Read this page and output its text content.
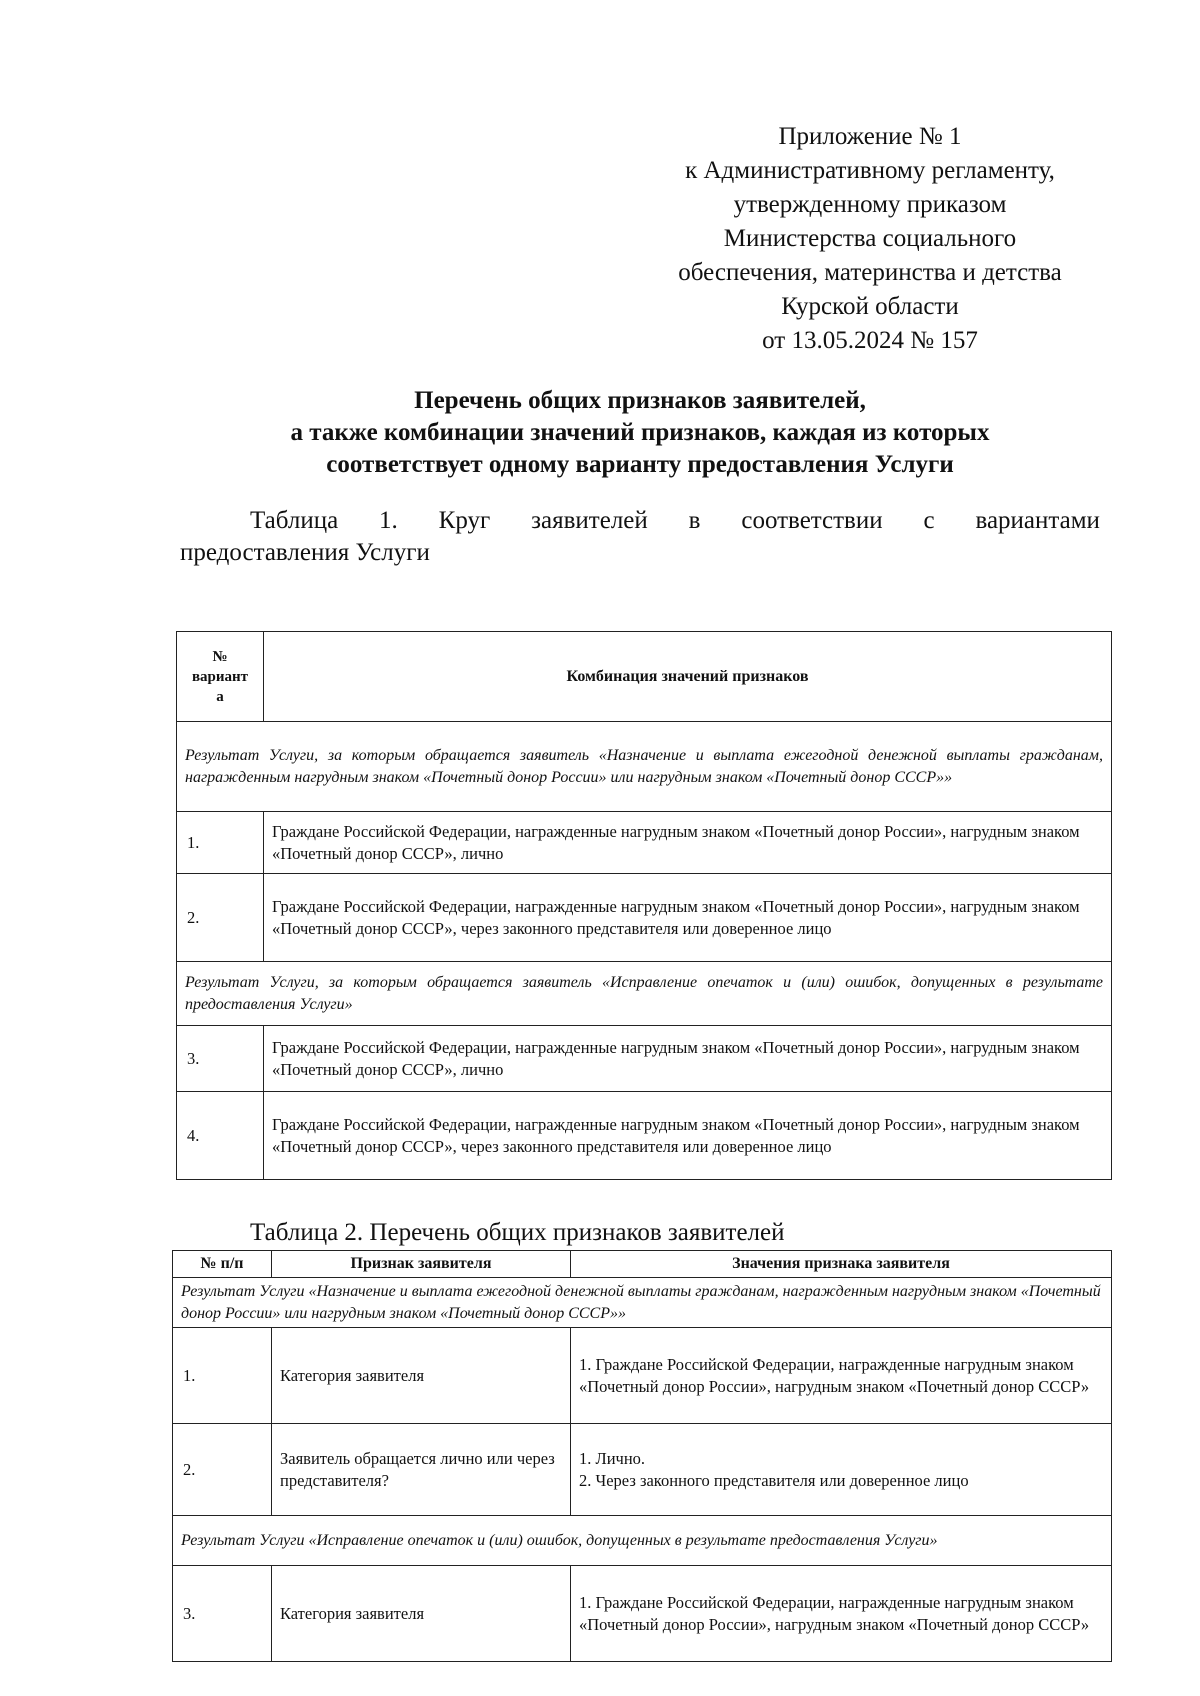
Приложение № 1
к Административному регламенту,
утвержденному приказом
Министерства социального
обеспечения, материнства и детства
Курской области
от 13.05.2024 № 157
Перечень общих признаков заявителей,
а также комбинации значений признаков, каждая из которых
соответствует одному варианту предоставления Услуги
Таблица 1. Круг заявителей в соответствии с вариантами
предоставления Услуги
№
вариант
а	Комбинация значений признаков
Результат Услуги, за которым обращается заявитель «Назначение и выплата ежегодной денежной выплаты гражданам, награжденным нагрудным знаком «Почетный донор России» или нагрудным знаком «Почетный донор СССР»»	
1.	Граждане Российской Федерации, награжденные нагрудным знаком «Почетный донор России», нагрудным знаком «Почетный донор СССР», лично
2.	Граждане Российской Федерации, награжденные нагрудным знаком «Почетный донор России», нагрудным знаком «Почетный донор СССР», через законного представителя или доверенное лицо
Результат Услуги, за которым обращается заявитель «Исправление опечаток и (или) ошибок, допущенных в результате предоставления Услуги»	
3.	Граждане Российской Федерации, награжденные нагрудным знаком «Почетный донор России», нагрудным знаком «Почетный донор СССР», лично
4.	Граждане Российской Федерации, награжденные нагрудным знаком «Почетный донор России», нагрудным знаком «Почетный донор СССР», через законного представителя или доверенное лицо
Таблица 2. Перечень общих признаков заявителей
№ п/п	Признак заявителя	Значения признака заявителя
Результат Услуги «Назначение и выплата ежегодной денежной выплаты гражданам, награжденным нагрудным знаком «Почетный донор России» или нагрудным знаком «Почетный донор СССР»»		
1.	Категория заявителя	1. Граждане Российской Федерации, награжденные нагрудным знаком «Почетный донор России», нагрудным знаком «Почетный донор СССР»

2.	Заявитель обращается лично или через представителя?	1. Лично.
2. Через законного представителя или доверенное лицо

Результат Услуги «Исправление опечаток и (или) ошибок, допущенных в результате предоставления Услуги»		
3.	Категория заявителя	1. Граждане Российской Федерации, награжденные нагрудным знаком «Почетный донор России», нагрудным знаком «Почетный донор СССР»
